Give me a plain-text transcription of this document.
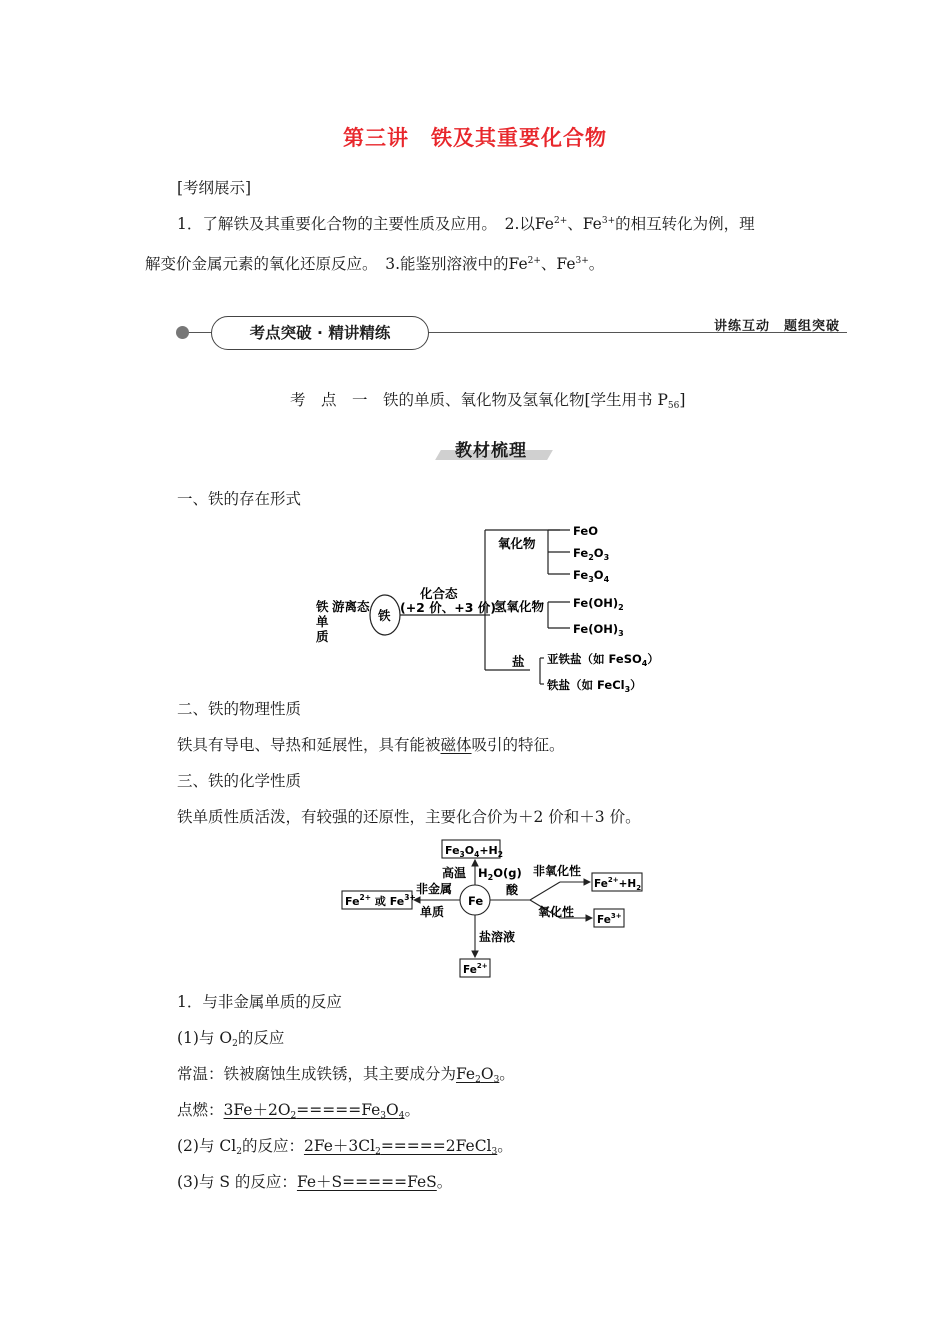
第三讲　铁及其重要化合物
[考纲展示]
1．了解铁及其重要化合物的主要性质及应用。　2.以$Fe^{2+}$、$Fe^{3+}$的相互转化为例，理
解变价金属元素的氧化还原反应。　3.能鉴别溶液中的$Fe^{2+}$、$Fe^{3+}$。
考点突破 · 精讲精练	讲练互动　题组突破
考　点　一　铁的单质、氧化物及氢氧化物[学生用书 $P_{56}$]
教材梳理
一、铁的存在形式
铁
单
质
游离态
铁
化合态
(+2 价、+3 价)
氧化物
氢氧化物
盐
FeO
$Fe_2O_3$
$Fe_3O_4$
$Fe(OH)_2$
$Fe(OH)_3$
亚铁盐（如 FeSO$_4$）
铁盐（如 FeCl$_3$）
二、铁的物理性质
铁具有导电、导热和延展性，具有能被磁体吸引的特征。
三、铁的化学性质
铁单质性质活泼，有较强的还原性，主要化合价为＋2 价和＋3 价。
Fe
$Fe_3O_4+H_2$
高温 $H_2O(g)$
$Fe^{2+}$ 或 $Fe^{3+}$
非金属
单质
酸
非氧化性
氧化性
$Fe^{2+}+H_2$
$Fe^{3+}$
盐溶液
$Fe^{2+}$
1．与非金属单质的反应
(1)与 $O_2$的反应
常温：铁被腐蚀生成铁锈，其主要成分为$Fe_2O_3$。
点燃：$3Fe+2O_2=====Fe_3O_4$。
(2)与 $Cl_2$的反应：$2Fe+3Cl_2=====2FeCl_3$。
(3)与 S 的反应：Fe＋S=====FeS。
